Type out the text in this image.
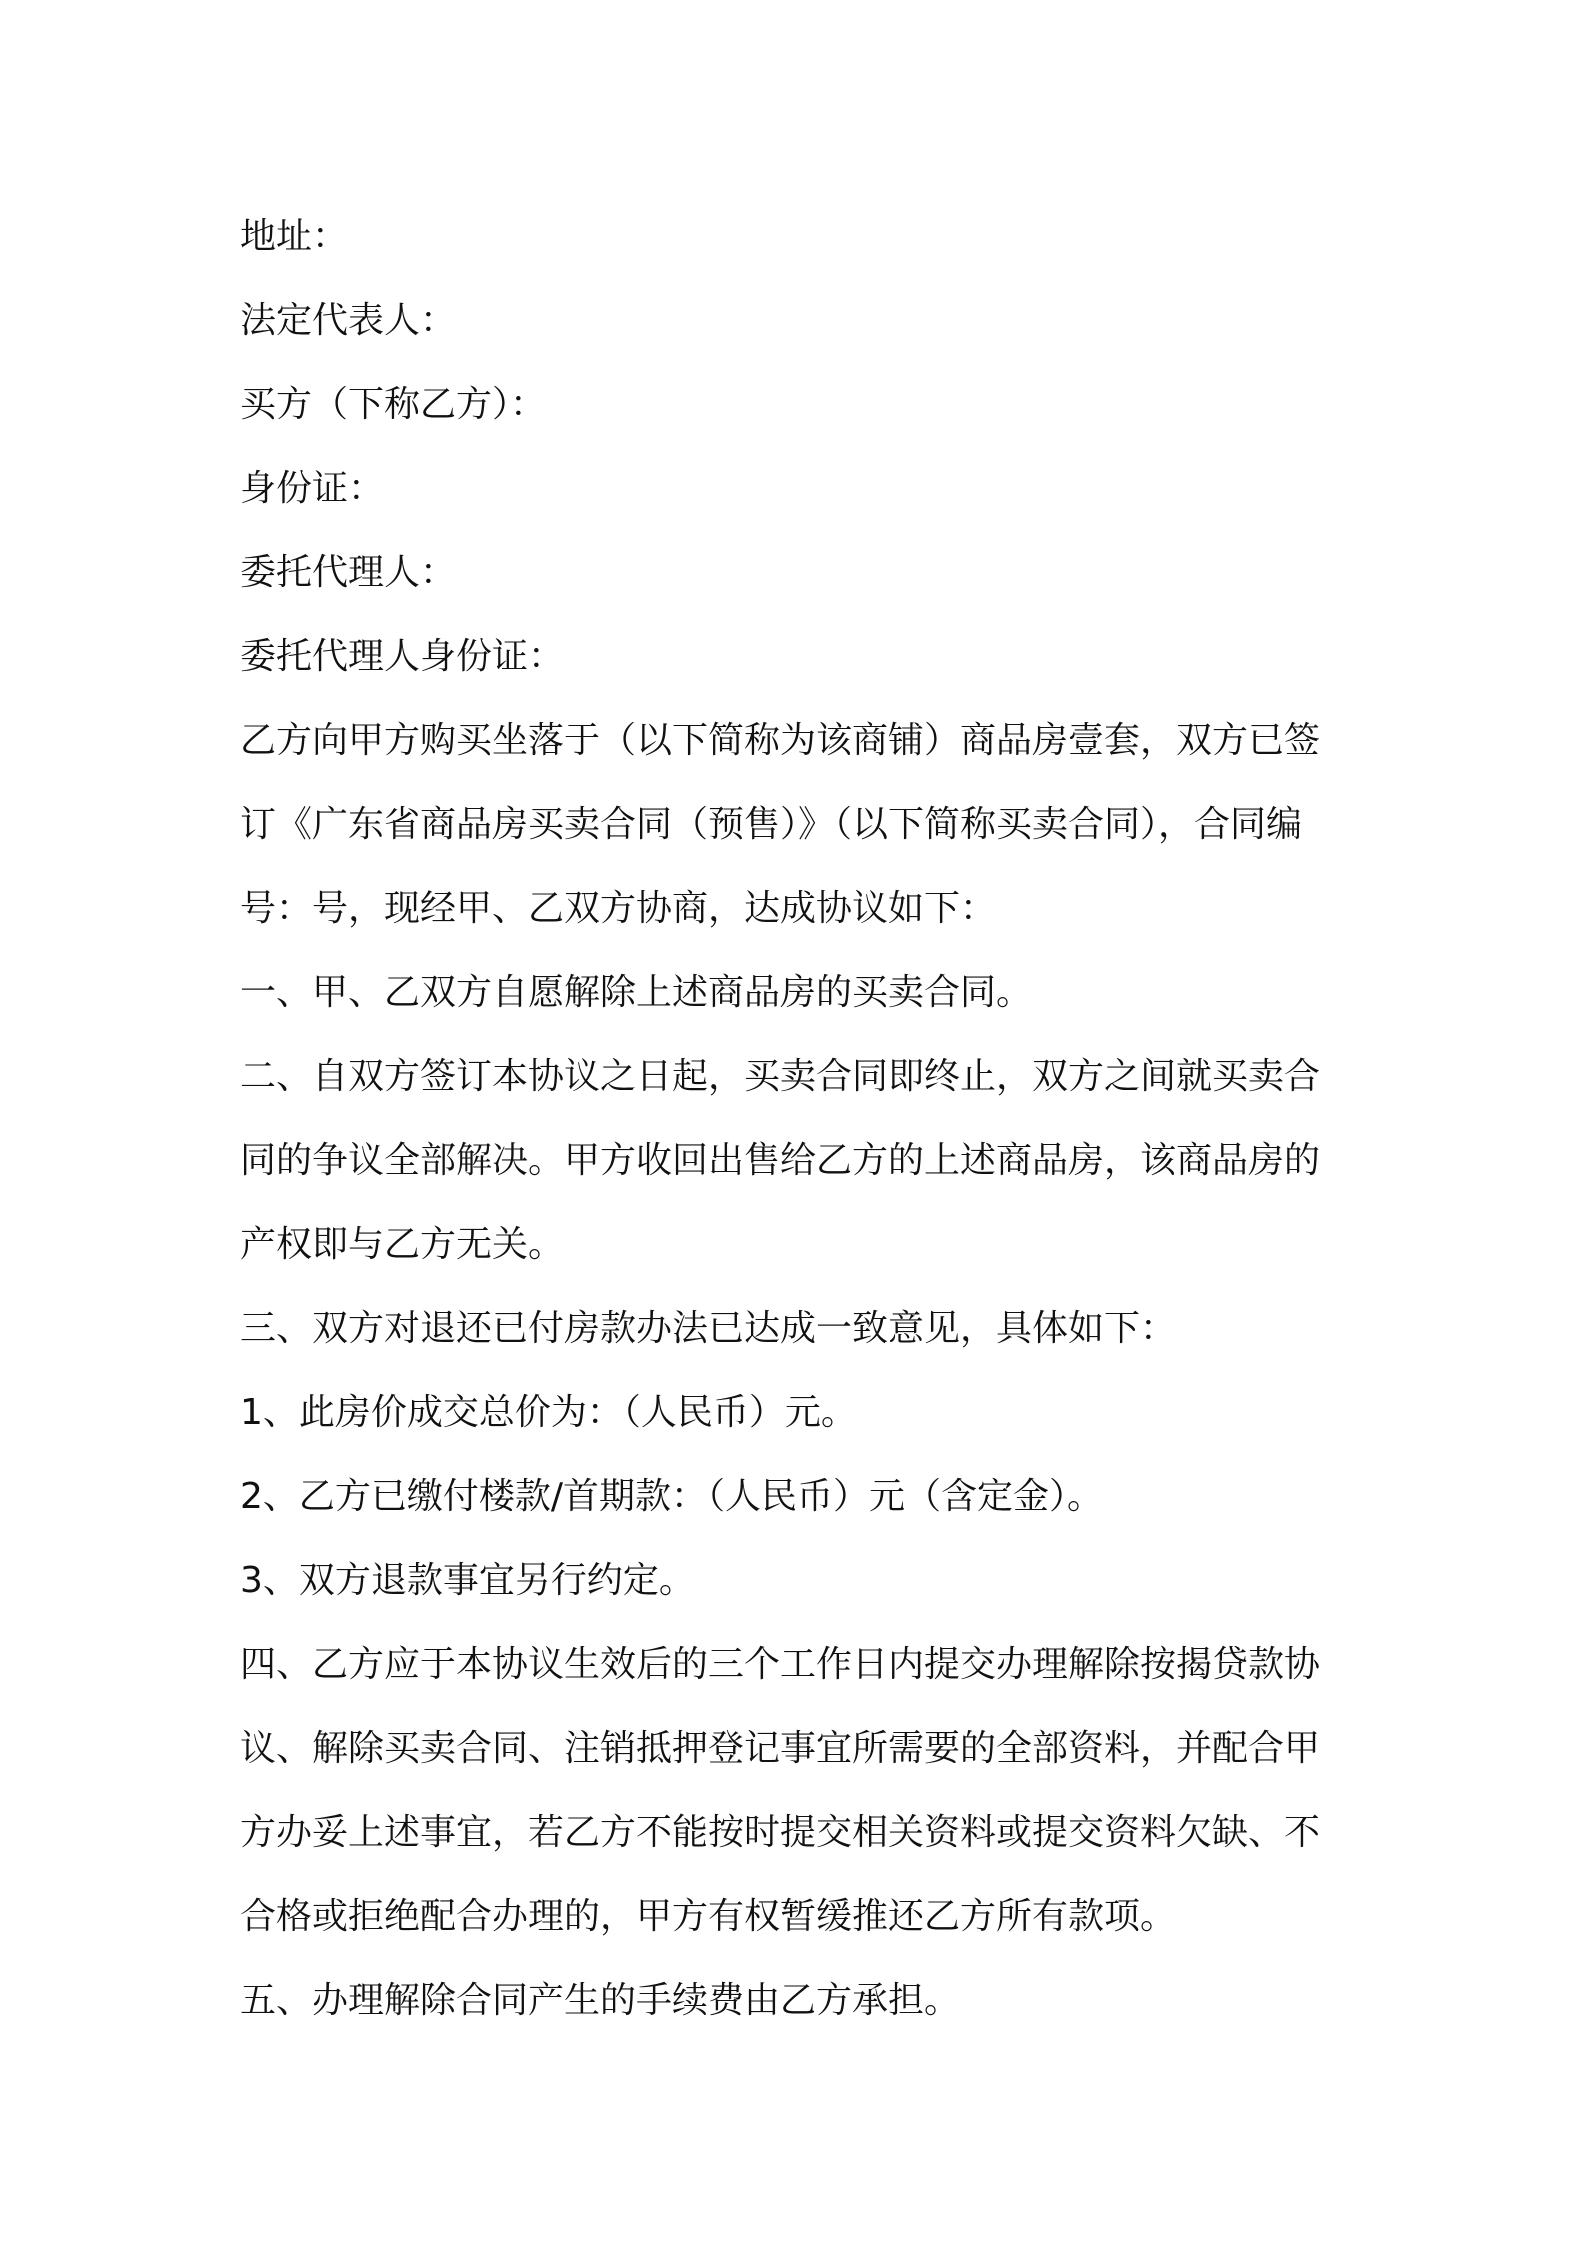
地址：
法定代表人：
买方（下称乙方）：
身份证：
委托代理人：
委托代理人身份证：
乙方向甲方购买坐落于（以下简称为该商铺）商品房壹套，双方已签
订《广东省商品房买卖合同（预售）》（以下简称买卖合同），合同编
号：号，现经甲、乙双方协商，达成协议如下：
一、甲、乙双方自愿解除上述商品房的买卖合同。
二、自双方签订本协议之日起，买卖合同即终止，双方之间就买卖合
同的争议全部解决。甲方收回出售给乙方的上述商品房，该商品房的
产权即与乙方无关。
三、双方对退还已付房款办法已达成一致意见，具体如下：
1、此房价成交总价为：（人民币）元。
2、乙方已缴付楼款/首期款：（人民币）元（含定金）。
3、双方退款事宜另行约定。
四、乙方应于本协议生效后的三个工作日内提交办理解除按揭贷款协
议、解除买卖合同、注销抵押登记事宜所需要的全部资料，并配合甲
方办妥上述事宜，若乙方不能按时提交相关资料或提交资料欠缺、不
合格或拒绝配合办理的，甲方有权暂缓推还乙方所有款项。
五、办理解除合同产生的手续费由乙方承担。
